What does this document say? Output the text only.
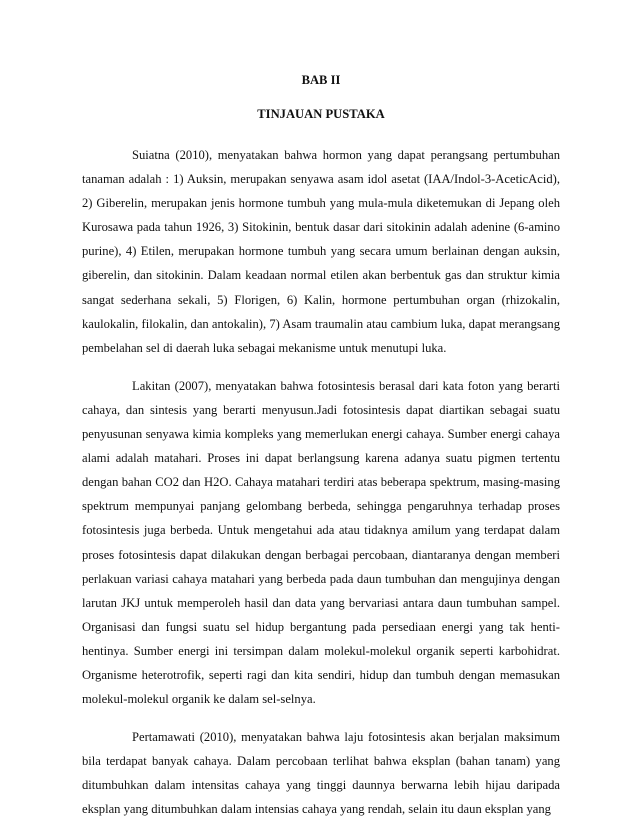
BAB II

TINJAUAN PUSTAKA

Suiatna (2010), menyatakan bahwa hormon yang dapat perangsang pertumbuhan tanaman adalah : 1) Auksin, merupakan senyawa asam idol asetat (IAA/Indol-3-AceticAcid), 2) Giberelin, merupakan jenis hormone tumbuh yang mula-mula diketemukan di Jepang oleh Kurosawa pada tahun 1926, 3) Sitokinin, bentuk dasar dari sitokinin adalah adenine (6-amino purine), 4) Etilen, merupakan hormone tumbuh yang secara umum berlainan dengan auksin, giberelin, dan sitokinin. Dalam keadaan normal etilen akan berbentuk gas dan struktur kimia sangat sederhana sekali, 5) Florigen, 6) Kalin, hormone pertumbuhan organ (rhizokalin, kaulokalin, filokalin, dan antokalin), 7) Asam traumalin atau cambium luka, dapat merangsang pembelahan sel di daerah luka sebagai mekanisme untuk menutupi luka.

Lakitan (2007), menyatakan bahwa fotosintesis berasal dari kata foton yang berarti cahaya, dan sintesis yang berarti menyusun.Jadi fotosintesis dapat diartikan sebagai suatu penyusunan senyawa kimia kompleks yang memerlukan energi cahaya. Sumber energi cahaya alami adalah matahari. Proses ini dapat berlangsung karena adanya suatu pigmen tertentu dengan bahan CO2 dan H2O. Cahaya matahari terdiri atas beberapa spektrum, masing-masing spektrum mempunyai panjang gelombang berbeda, sehingga pengaruhnya terhadap proses fotosintesis juga berbeda. Untuk mengetahui ada atau tidaknya amilum yang terdapat dalam proses fotosintesis dapat dilakukan dengan berbagai percobaan, diantaranya dengan memberi perlakuan variasi cahaya matahari yang berbeda pada daun tumbuhan dan mengujinya dengan larutan JKJ untuk memperoleh hasil dan data yang bervariasi antara daun tumbuhan sampel. Organisasi dan fungsi suatu sel hidup bergantung pada persediaan energi yang tak henti-hentinya. Sumber energi ini tersimpan dalam molekul-molekul organik seperti karbohidrat. Organisme heterotrofik, seperti ragi dan kita sendiri, hidup dan tumbuh dengan memasukan molekul-molekul organik ke dalam sel-selnya.

Pertamawati (2010), menyatakan bahwa laju fotosintesis akan berjalan maksimum bila terdapat banyak cahaya. Dalam percobaan terlihat bahwa eksplan (bahan tanam) yang ditumbuhkan dalam intensitas cahaya yang tinggi daunnya berwarna lebih hijau daripada eksplan yang ditumbuhkan dalam intensias cahaya yang rendah, selain itu daun eksplan yang
